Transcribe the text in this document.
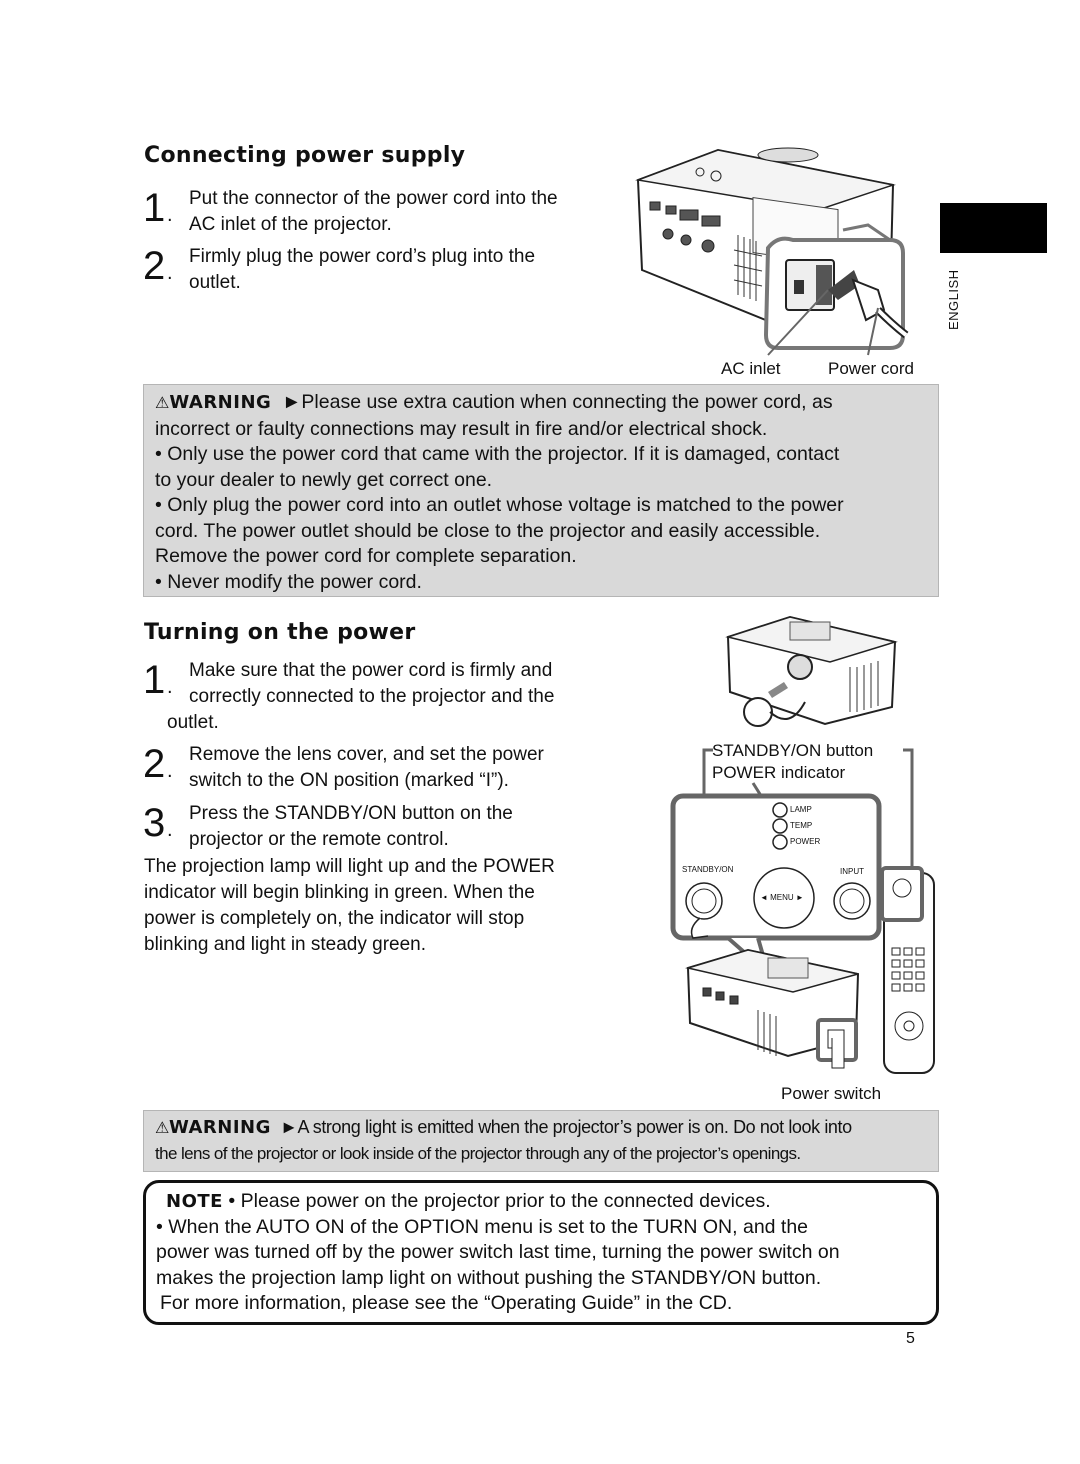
ENGLISH
Connecting power supply
1 .
Put the connector of the power cord into the
AC inlet of the projector.
2 .
Firmly plug the power cord’s plug into the
outlet.
AC inlet	Power cord
⚠WARNING ►Please use extra caution when connecting the power cord, as
incorrect or faulty connections may result in fire and/or electrical shock.
• Only use the power cord that came with the projector. If it is damaged, contact
to your dealer to newly get correct one.
• Only plug the power cord into an outlet whose voltage is matched to the power
cord. The power outlet should be close to the projector and easily accessible.
Remove the power cord for complete separation.
• Never modify the power cord.
Turning on the power
1 .
Make sure that the power cord is firmly and
correctly connected to the projector and the
outlet.
2 .
Remove the lens cover, and set the power
switch to the ON position (marked “I”).
3 .
Press the STANDBY/ON button on the
projector or the remote control.
The projection lamp will light up and the POWER
indicator will begin blinking in green. When the
power is completely on, the indicator will stop
blinking and light in steady green.
LAMP
TEMP
POWER
STANDBY/ON	INPUT
◄ MENU ►
STANDBY/ON button
POWER indicator
Power switch
⚠WARNING ►A strong light is emitted when the projector’s power is on. Do not look into
the lens of the projector or look inside of the projector through any of the projector’s openings.
NOTE • Please power on the projector prior to the connected devices.
• When the AUTO ON of the OPTION menu is set to the TURN ON, and the
power was turned off by the power switch last time, turning the power switch on
makes the projection lamp light on without pushing the STANDBY/ON button.
For more information, please see the “Operating Guide” in the CD.
5
